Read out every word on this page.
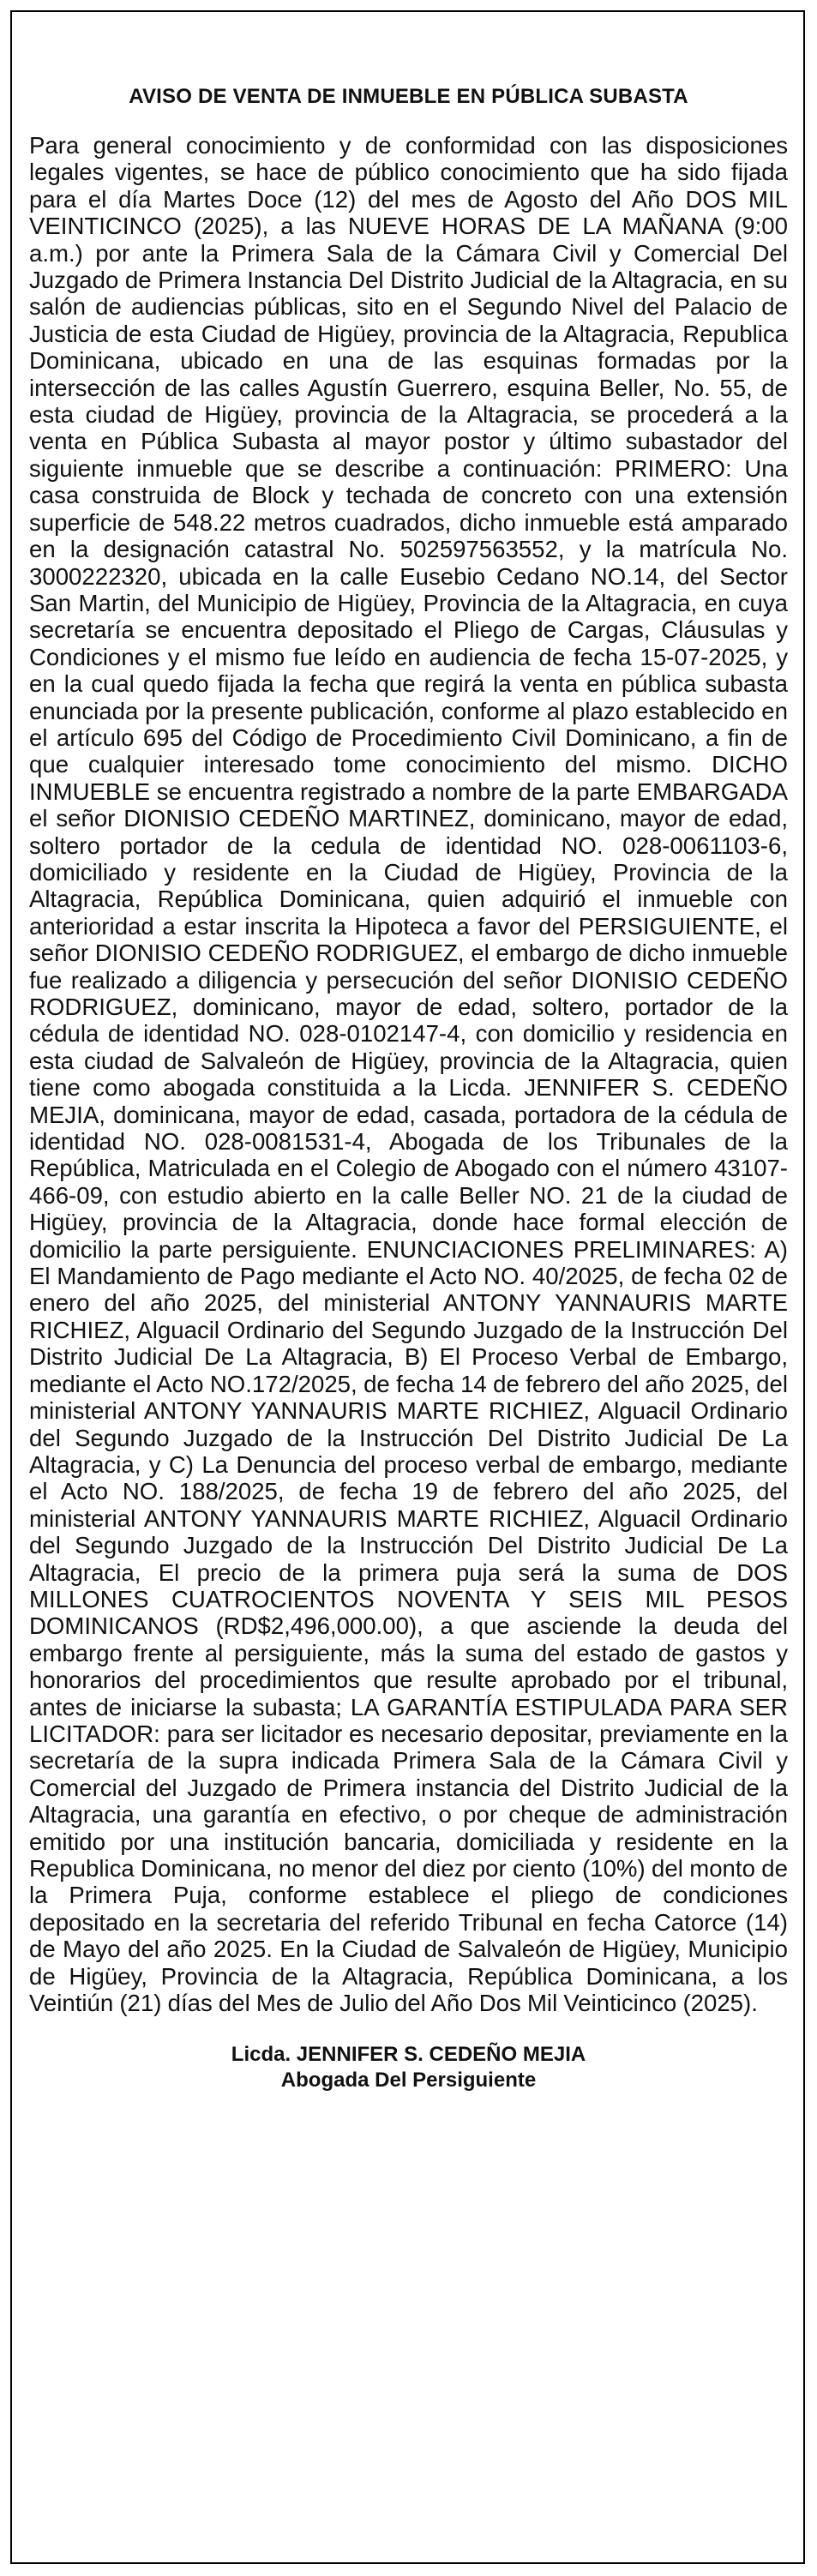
AVISO DE VENTA DE INMUEBLE EN PÚBLICA SUBASTA

Para general conocimiento y de conformidad con las disposiciones legales vigentes, se hace de público conocimiento que ha sido fijada para el día Martes Doce (12) del mes de Agosto del Año DOS MIL VEINTICINCO (2025), a las NUEVE HORAS DE LA MAÑANA (9:00 a.m.) por ante la Primera Sala de la Cámara Civil y Comercial Del Juzgado de Primera Instancia Del Distrito Judicial de la Altagracia, en su salón de audiencias públicas, sito en el Segundo Nivel del Palacio de Justicia de esta Ciudad de Higüey, provincia de la Altagracia, Republica Dominicana, ubicado en una de las esquinas formadas por la intersección de las calles Agustín Guerrero, esquina Beller, No. 55, de esta ciudad de Higüey, provincia de la Altagracia, se procederá a la venta en Pública Subasta al mayor postor y último subastador del siguiente inmueble que se describe a continuación: PRIMERO: Una casa construida de Block y techada de concreto con una extensión superficie de 548.22 metros cuadrados, dicho inmueble está amparado en la designación catastral No. 502597563552, y la matrícula No. 3000222320, ubicada en la calle Eusebio Cedano NO.14, del Sector San Martin, del Municipio de Higüey, Provincia de la Altagracia, en cuya secretaría se encuentra depositado el Pliego de Cargas, Cláusulas y Condiciones y el mismo fue leído en audiencia de fecha 15-07-2025, y en la cual quedo fijada la fecha que regirá la venta en pública subasta enunciada por la presente publicación, conforme al plazo establecido en el artículo 695 del Código de Procedimiento Civil Dominicano, a fin de que cualquier interesado tome conocimiento del mismo. DICHO INMUEBLE se encuentra registrado a nombre de la parte EMBARGADA el señor DIONISIO CEDEÑO MARTINEZ, dominicano, mayor de edad, soltero portador de la cedula de identidad NO. 028-0061103-6, domiciliado y residente en la Ciudad de Higüey, Provincia de la Altagracia, República Dominicana, quien adquirió el inmueble con anterioridad a estar inscrita la Hipoteca a favor del PERSIGUIENTE, el señor DIONISIO CEDEÑO RODRIGUEZ, el embargo de dicho inmueble fue realizado a diligencia y persecución del señor DIONISIO CEDEÑO RODRIGUEZ, dominicano, mayor de edad, soltero, portador de la cédula de identidad NO. 028-0102147-4, con domicilio y residencia en esta ciudad de Salvaleón de Higüey, provincia de la Altagracia, quien tiene como abogada constituida a la Licda. JENNIFER S. CEDEÑO MEJIA, dominicana, mayor de edad, casada, portadora de la cédula de identidad NO. 028-0081531-4, Abogada de los Tribunales de la República, Matriculada en el Colegio de Abogado con el número 43107-466-09, con estudio abierto en la calle Beller NO. 21 de la ciudad de Higüey, provincia de la Altagracia, donde hace formal elección de domicilio la parte persiguiente. ENUNCIACIONES PRELIMINARES: A) El Mandamiento de Pago mediante el Acto NO. 40/2025, de fecha 02 de enero del año 2025, del ministerial ANTONY YANNAURIS MARTE RICHIEZ, Alguacil Ordinario del Segundo Juzgado de la Instrucción Del Distrito Judicial De La Altagracia, B) El Proceso Verbal de Embargo, mediante el Acto NO.172/2025, de fecha 14 de febrero del año 2025, del ministerial ANTONY YANNAURIS MARTE RICHIEZ, Alguacil Ordinario del Segundo Juzgado de la Instrucción Del Distrito Judicial De La Altagracia, y C) La Denuncia del proceso verbal de embargo, mediante el Acto NO. 188/2025, de fecha 19 de febrero del año 2025, del ministerial ANTONY YANNAURIS MARTE RICHIEZ, Alguacil Ordinario del Segundo Juzgado de la Instrucción Del Distrito Judicial De La Altagracia, El precio de la primera puja será la suma de DOS MILLONES CUATROCIENTOS NOVENTA Y SEIS MIL PESOS DOMINICANOS (RD$2,496,000.00), a que asciende la deuda del embargo frente al persiguiente, más la suma del estado de gastos y honorarios del procedimientos que resulte aprobado por el tribunal, antes de iniciarse la subasta; LA GARANTÍA ESTIPULADA PARA SER LICITADOR: para ser licitador es necesario depositar, previamente en la secretaría de la supra indicada Primera Sala de la Cámara Civil y Comercial del Juzgado de Primera instancia del Distrito Judicial de la Altagracia, una garantía en efectivo, o por cheque de administración emitido por una institución bancaria, domiciliada y residente en la Republica Dominicana, no menor del diez por ciento (10%) del monto de la Primera Puja, conforme establece el pliego de condiciones depositado en la secretaria del referido Tribunal en fecha Catorce (14) de Mayo del año 2025. En la Ciudad de Salvaleón de Higüey, Municipio de Higüey, Provincia de la Altagracia, República Dominicana, a los Veintiún (21) días del Mes de Julio del Año Dos Mil Veinticinco (2025).

Licda. JENNIFER S. CEDEÑO MEJIA
Abogada Del Persiguiente
